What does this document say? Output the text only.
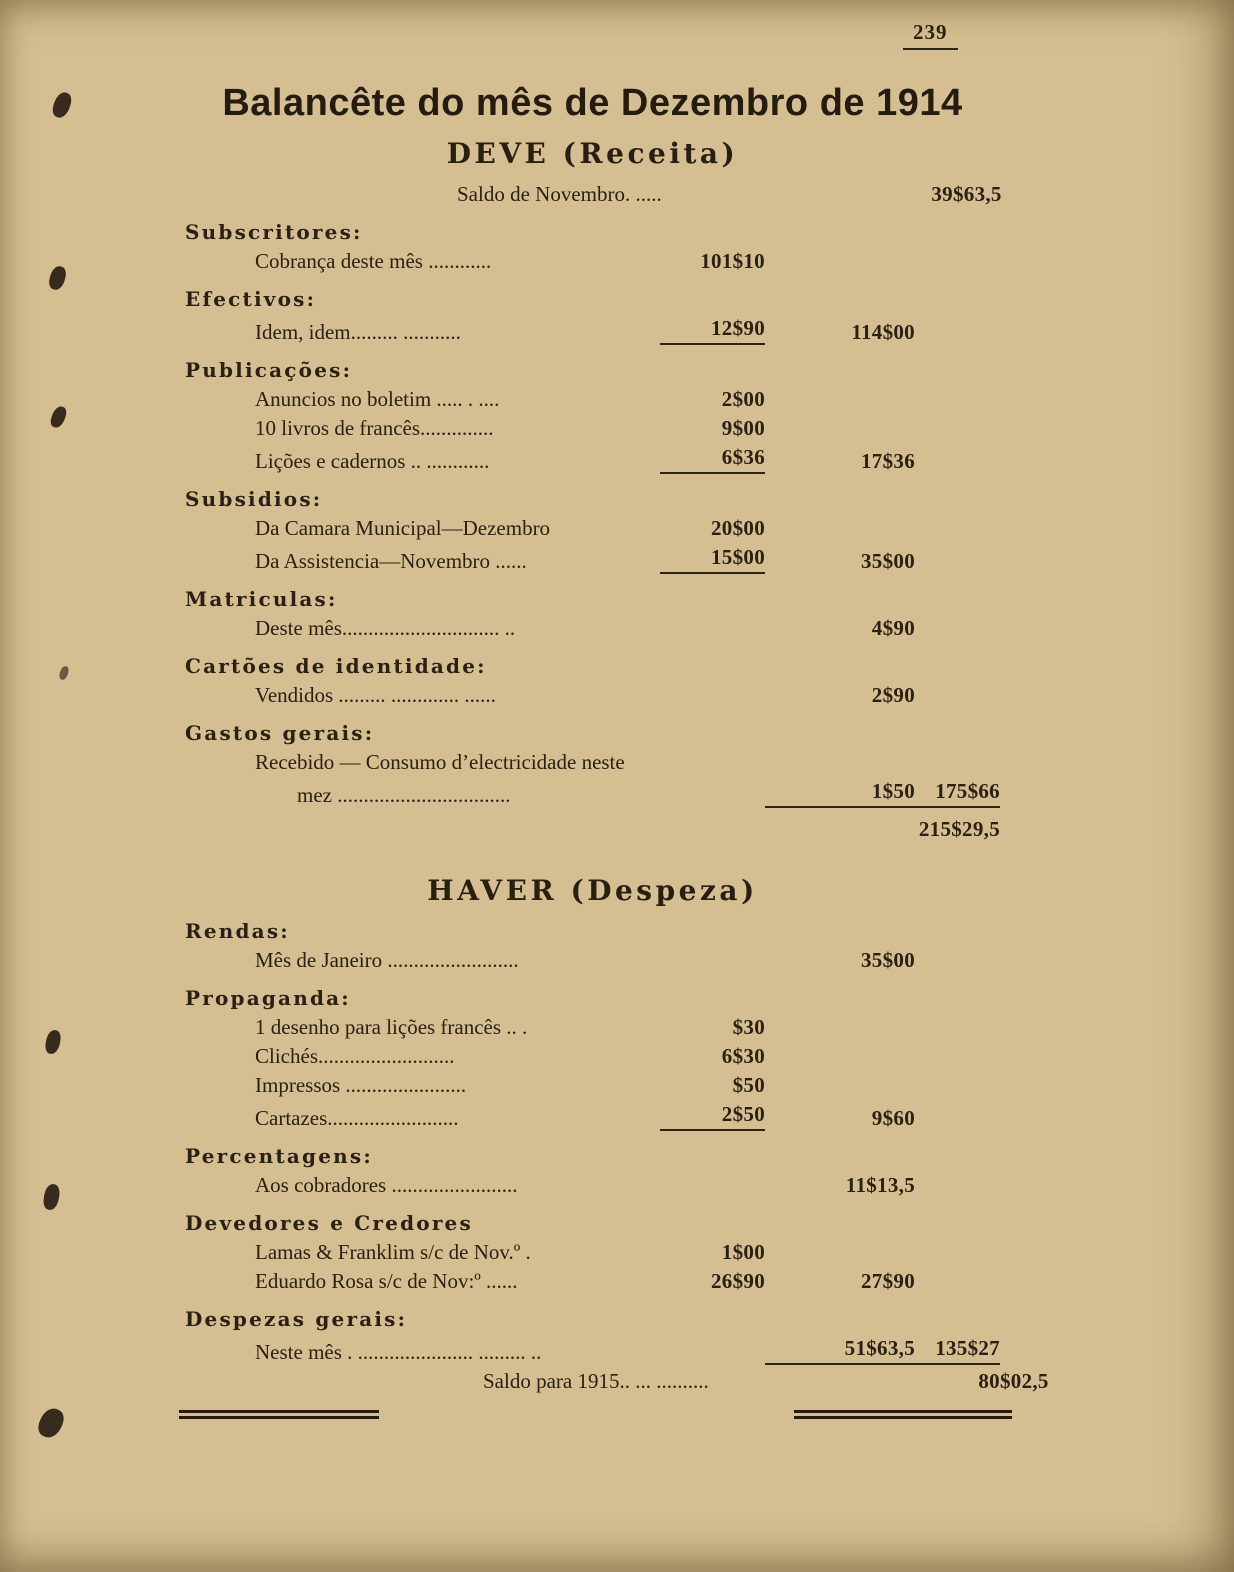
239
Balancête do mês de Dezembro de 1914
DEVE (Receita)
Saldo de Novembro. .....	39$63,5
Subscritores:
Cobrança deste mês ............	101$10
Efectivos:
Idem, idem......... ...........	12$90	114$00
Publicações:
Anuncios no boletim ..... . ....	2$00
10 livros de francês..............	9$00
Lições e cadernos .. ............	6$36	17$36
Subsidios:
Da Camara Municipal—Dezembro	20$00
Da Assistencia—Novembro ......	15$00	35$00
Matriculas:
Deste mês.............................. ..	4$90
Cartões de identidade:
Vendidos ......... ............. ......	2$90
Gastos gerais:
Recebido — Consumo d’electricidade neste
mez .................................	1$50 175$66
215$29,5
HAVER (Despeza)
Rendas:
Mês de Janeiro .........................	35$00
Propaganda:
1 desenho para lições francês .. .	$30
Clichés..........................	6$30
Impressos .......................	$50
Cartazes.........................	2$50	9$60
Percentagens:
Aos cobradores ........................	11$13,5
Devedores e Credores
Lamas & Franklim s/c de Nov.º .	1$00
Eduardo Rosa s/c de Nov:º ......	26$90	27$90
Despezas gerais:
Neste mês . ...................... ......... ..	51$63,5 135$27
Saldo para 1915.. ... ..........	80$02,5
